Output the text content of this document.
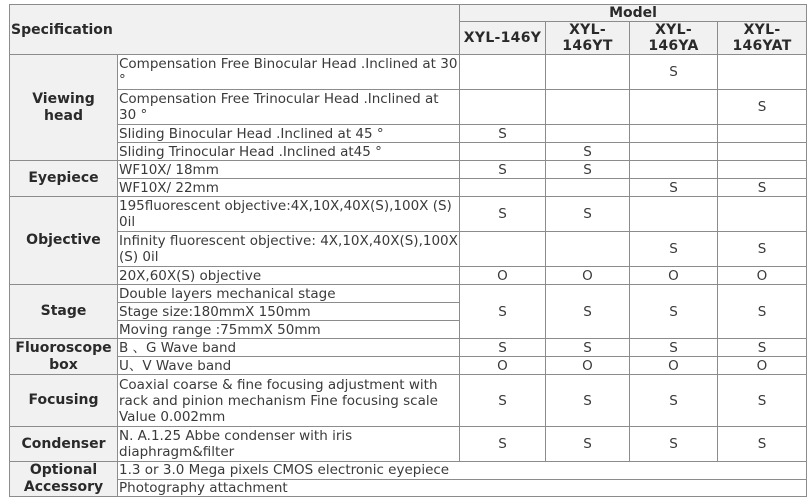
Specification		Model			
		XYL-146Y	XYL-146YT	XYL-146YA	XYL-146YAT
Viewing head	Compensation Free Binocular Head .Inclined at 30 °			S	
	Compensation Free Trinocular Head .Inclined at 30 °				S
	Sliding Binocular Head .Inclined at 45 °	S			
	Sliding Trinocular Head .Inclined at45 °		S		
Eyepiece	WF10X/ 18mm	S	S		
	WF10X/ 22mm			S	S
Objective	195fluorescent objective:4X,10X,40X(S),100X (S) 0il	S	S		
	Infinity fluorescent objective: 4X,10X,40X(S),100X (S) 0il			S	S
	20X,60X(S) objective	O	O	O	O
Stage	Double layers mechanical stage	S	S	S	S
	Stage size:180mmX 150mm				
	Moving range :75mmX 50mm				
Fluoroscope box	B 、G Wave band	S	S	S	S
	U、V Wave band	O	O	O	O
Focusing	Coaxial coarse & fine focusing adjustment with rack and pinion mechanism Fine focusing scale Value 0.002mm	S	S	S	S
Condenser	N. A.1.25 Abbe condenser with iris diaphragm&filter	S	S	S	S
Optional Accessory	1.3 or 3.0 Mega pixels CMOS electronic eyepiece				
	Photography attachment				
